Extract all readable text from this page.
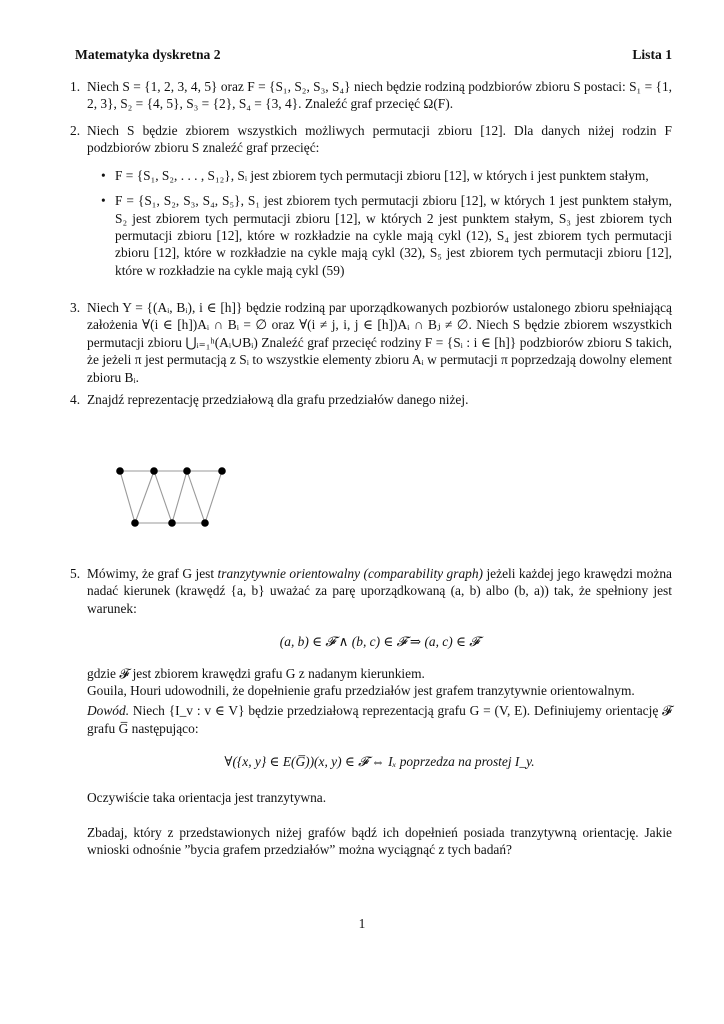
Matematyka dyskretna 2	Lista 1
1. Niech S = {1, 2, 3, 4, 5} oraz F = {S₁, S₂, S₃, S₄} niech będzie rodziną podzbiorów zbioru S postaci: S₁ = {1, 2, 3}, S₂ = {4, 5}, S₃ = {2}, S₄ = {3, 4}. Znaleźć graf przecięć Ω(F).

2. Niech S będzie zbiorem wszystkich możliwych permutacji zbioru [12]. Dla danych niżej rodzin F podzbiorów zbioru S znaleźć graf przecięć:

• F = {S₁, S₂, . . . , S₁₂}, Sᵢ jest zbiorem tych permutacji zbioru [12], w których i jest punktem stałym,
• F = {S₁, S₂, S₃, S₄, S₅}, S₁ jest zbiorem tych permutacji zbioru [12], w których 1 jest punktem stałym, S₂ jest zbiorem tych permutacji zbioru [12], w których 2 jest punktem stałym, S₃ jest zbiorem tych permutacji zbioru [12], które w rozkładzie na cykle mają cykl (12), S₄ jest zbiorem tych permutacji zbioru [12], które w rozkładzie na cykle mają cykl (32), S₅ jest zbiorem tych permutacji zbioru [12], które w rozkładzie na cykle mają cykl (59)
3. Niech Y = {(Aᵢ, Bᵢ), i ∈ [h]} będzie rodziną par uporządkowanych pozbiorów ustalonego zbioru spełniającą założenia ∀(i ∈ [h])Aᵢ ∩ Bᵢ = ∅ oraz ∀(i ≠ j, i, j ∈ [h])Aᵢ ∩ Bⱼ ≠ ∅. Niech S będzie zbiorem wszystkich permutacji zbioru ⋃ᵢ₌₁ʰ(Aᵢ∪Bᵢ) Znaleźć graf przecięć rodziny F = {Sᵢ : i ∈ [h]} podzbiorów zbioru S takich, że jeżeli π jest permutacją z Sᵢ to wszystkie elementy zbioru Aᵢ w permutacji π poprzedzają dowolny element zbioru Bᵢ.

4. Znajdź reprezentację przedziałową dla grafu przedziałów danego niżej.

5. Mówimy, że graf G jest tranzytywnie orientowalny (comparability graph) jeżeli każdej jego krawędzi można nadać kierunek (krawędź {a, b} uważać za parę uporządkowaną (a, b) albo (b, a)) tak, że spełniony jest warunek:

(a, b) ∈ 𝓕 ∧ (b, c) ∈ 𝓕 ⇒ (a, c) ∈ 𝓕

gdzie 𝓕 jest zbiorem krawędzi grafu G z nadanym kierunkiem.

Gouila, Houri udowodnili, że dopełnienie grafu przedziałów jest grafem tranzytywnie orientowalnym.

Dowód. Niech {I_v : v ∈ V} będzie przedziałową reprezentacją grafu G = (V, E). Definiujemy orientację 𝓕 grafu G̅ następująco:

∀({x, y} ∈ E(G̅))(x, y) ∈ 𝓕 ⇔ Iₓ poprzedza na prostej I_y.

Oczywiście taka orientacja jest tranzytywna.

Zbadaj, który z przedstawionych niżej grafów bądź ich dopełnień posiada tranzytywną orientację. Jakie wnioski odnośnie ”bycia grafem przedziałów” można wyciągnąć z tych badań?

1
